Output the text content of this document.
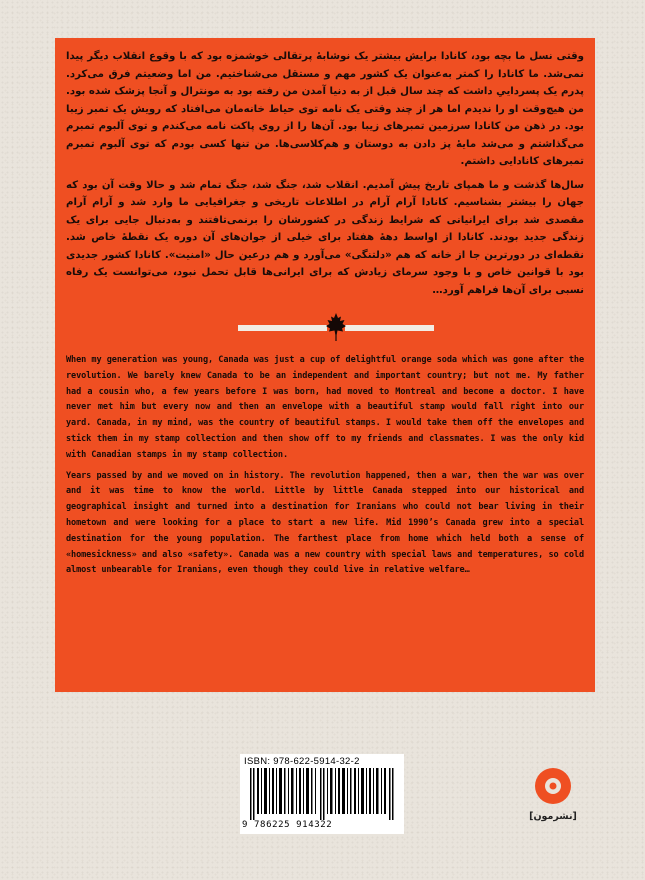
وقتی نسل ما بچه بود، کانادا برایش بیشتر یک نوشابهٔ پرتقالی خوشمزه بود که با وقوع انقلاب دیگر پیدا نمی‌شد. ما کانادا را کمتر به‌عنوان یک کشور مهم و مستقل می‌شناختیم. من اما وضعیتم فرق می‌کرد. پدرم یک پسرداییِ داشت که چند سال قبل از به دنیا آمدن من رفته بود به مونترال و آنجا پزشک شده بود. من هیچ‌وقت او را ندیدم اما هر از چند وقتی یک نامه توی حیاط خانه‌مان می‌افتاد که رویش یک تمبر زیبا بود. در ذهن من کانادا سرزمین تمبرهای زیبا بود. آن‌ها را از روی پاکت نامه می‌کندم و توی آلبوم تمبرم می‌گذاشتم و می‌شد مایهٔ پز دادن به دوستان و هم‌کلاسی‌ها. من تنها کسی بودم که توی آلبوم تمبرم تمبرهای کانادایی داشتم.

سال‌ها گذشت و ما همپای تاریخ پیش آمدیم. انقلاب شد، جنگ شد، جنگ تمام شد و حالا وقت آن بود که جهان را بیشتر بشناسیم. کانادا آرام آرام در اطلاعات تاریخی و جغرافیایی ما وارد شد و آرام آرام مقصدی شد برای ایرانیانی که شرایط زندگی در کشورشان را برنمی‌تافتند و به‌دنبال جایی برای یک زندگی جدید بودند. کانادا از اواسط دههٔ هفتاد برای خیلی از جوان‌های آن دوره یک نقطهٔ خاص شد. نقطه‌ای در دورترین جا از خانه که هم «دلتنگی» می‌آورد و هم درعین حال «امنیت». کانادا کشور جدیدی بود با قوانین خاص و با وجود سرمای زیادش که برای ایرانی‌ها قابل تحمل نبود، می‌توانست یک رفاه نسبی برای آن‌ها فراهم آورد…

When my generation was young, Canada was just a cup of delightful orange soda which was gone after the revolution. We barely knew Canada to be an independent and important country; but not me. My father had a cousin who, a few years before I was born, had moved to Montreal and become a doctor. I have never met him but every now and then an envelope with a beautiful stamp would fall right into our yard. Canada, in my mind, was the country of beautiful stamps. I would take them off the envelopes and stick them in my stamp collection and then show off to my friends and classmates. I was the only kid with Canadian stamps in my stamp collection.

Years passed by and we moved on in history. The revolution happened, then a war, then the war was over and it was time to know the world. Little by little Canada stepped into our historical and geographical insight and turned into a destination for Iranians who could not bear living in their hometown and were looking for a place to start a new life. Mid 1990’s Canada grew into a special destination for the young population. The farthest place from home which held both a sense of «homesickness» and also «safety». Canada was a new country with special laws and temperatures, so cold almost unbearable for Iranians, even though they could live in relative welfare…

ISBN: 978-622-5914-32-2
9 786225 914322
[نشرمون]
